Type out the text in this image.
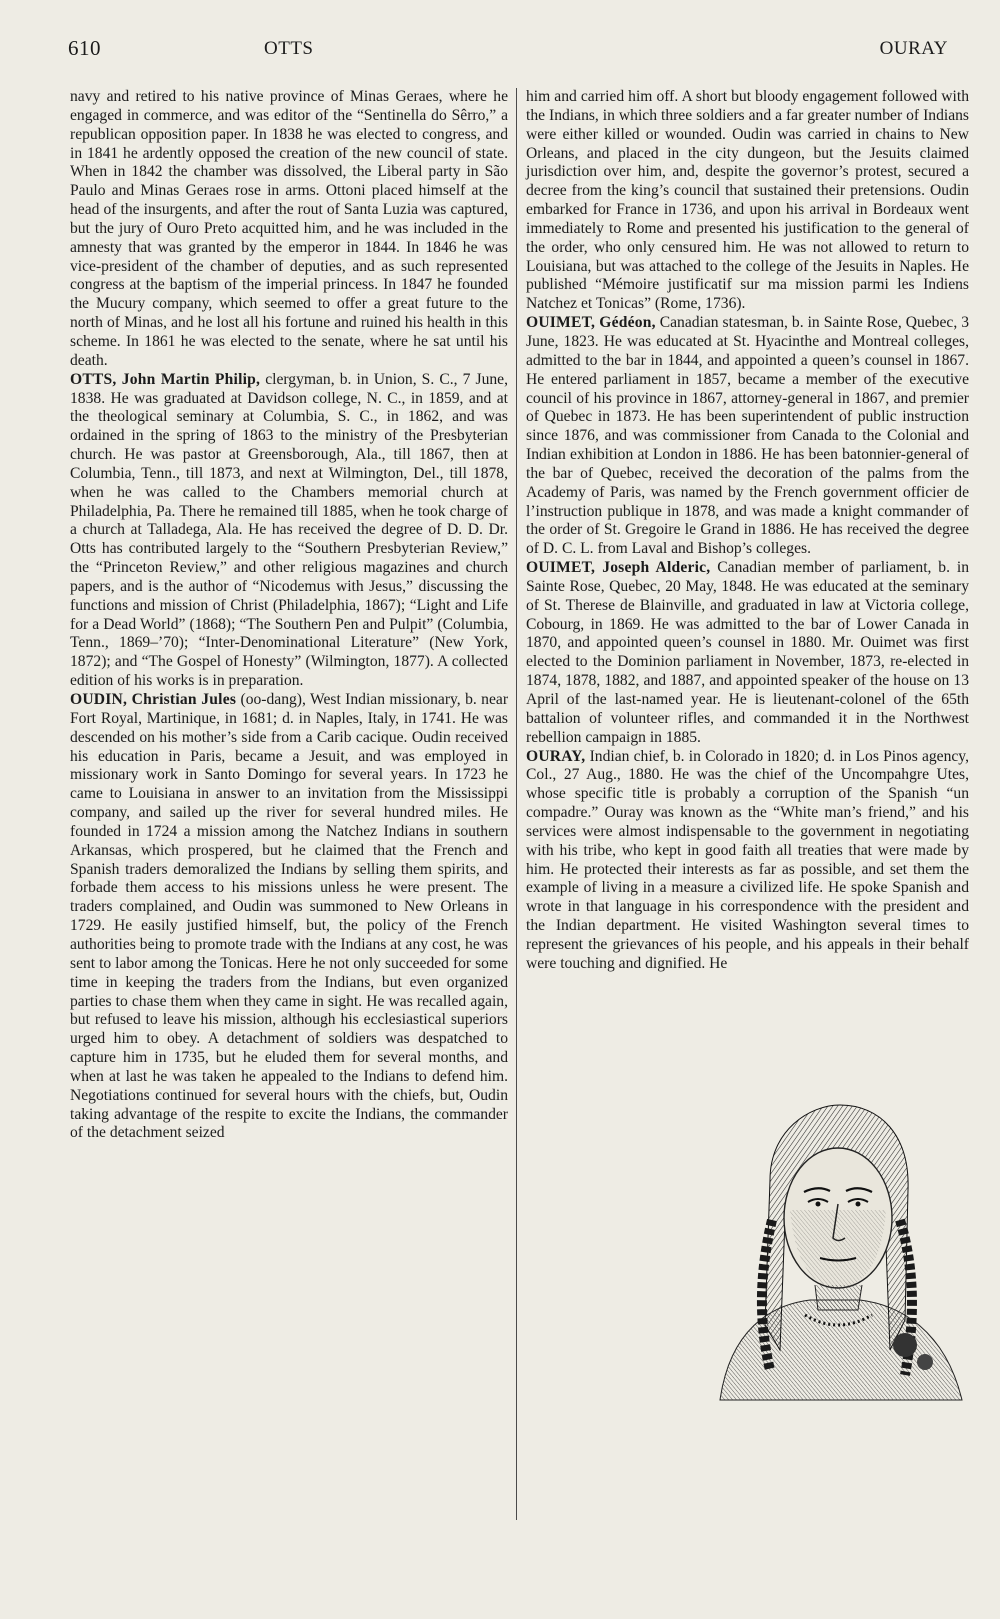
610	OTTS	OURAY

navy and retired to his native province of Minas Geraes, where he engaged in commerce, and was editor of the “Sentinella do Sêrro,” a republican opposition paper. In 1838 he was elected to congress, and in 1841 he ardently opposed the creation of the new council of state. When in 1842 the chamber was dissolved, the Liberal party in São Paulo and Minas Geraes rose in arms. Ottoni placed himself at the head of the insurgents, and after the rout of Santa Luzia was captured, but the jury of Ouro Preto acquitted him, and he was included in the amnesty that was granted by the emperor in 1844. In 1846 he was vice-president of the chamber of deputies, and as such represented congress at the baptism of the imperial princess. In 1847 he founded the Mucury company, which seemed to offer a great future to the north of Minas, and he lost all his fortune and ruined his health in this scheme. In 1861 he was elected to the senate, where he sat until his death.

OTTS, John Martin Philip, clergyman, b. in Union, S. C., 7 June, 1838. He was graduated at Davidson college, N. C., in 1859, and at the theological seminary at Columbia, S. C., in 1862, and was ordained in the spring of 1863 to the ministry of the Presbyterian church. He was pastor at Greensborough, Ala., till 1867, then at Columbia, Tenn., till 1873, and next at Wilmington, Del., till 1878, when he was called to the Chambers memorial church at Philadelphia, Pa. There he remained till 1885, when he took charge of a church at Talladega, Ala. He has received the degree of D. D. Dr. Otts has contributed largely to the “Southern Presbyterian Review,” the “Princeton Review,” and other religious magazines and church papers, and is the author of “Nicodemus with Jesus,” discussing the functions and mission of Christ (Philadelphia, 1867); “Light and Life for a Dead World” (1868); “The Southern Pen and Pulpit” (Columbia, Tenn., 1869–’70); “Inter-Denominational Literature” (New York, 1872); and “The Gospel of Honesty” (Wilmington, 1877). A collected edition of his works is in preparation.

OUDIN, Christian Jules (oo-dang), West Indian missionary, b. near Fort Royal, Martinique, in 1681; d. in Naples, Italy, in 1741. He was descended on his mother’s side from a Carib cacique. Oudin received his education in Paris, became a Jesuit, and was employed in missionary work in Santo Domingo for several years. In 1723 he came to Louisiana in answer to an invitation from the Mississippi company, and sailed up the river for several hundred miles. He founded in 1724 a mission among the Natchez Indians in southern Arkansas, which prospered, but he claimed that the French and Spanish traders demoralized the Indians by selling them spirits, and forbade them access to his missions unless he were present. The traders complained, and Oudin was summoned to New Orleans in 1729. He easily justified himself, but, the policy of the French authorities being to promote trade with the Indians at any cost, he was sent to labor among the Tonicas. Here he not only succeeded for some time in keeping the traders from the Indians, but even organized parties to chase them when they came in sight. He was recalled again, but refused to leave his mission, although his ecclesiastical superiors urged him to obey. A detachment of soldiers was despatched to capture him in 1735, but he eluded them for several months, and when at last he was taken he appealed to the Indians to defend him. Negotiations continued for several hours with the chiefs, but, Oudin taking advantage of the respite to excite the Indians, the commander of the detachment seized

him and carried him off. A short but bloody engagement followed with the Indians, in which three soldiers and a far greater number of Indians were either killed or wounded. Oudin was carried in chains to New Orleans, and placed in the city dungeon, but the Jesuits claimed jurisdiction over him, and, despite the governor’s protest, secured a decree from the king’s council that sustained their pretensions. Oudin embarked for France in 1736, and upon his arrival in Bordeaux went immediately to Rome and presented his justification to the general of the order, who only censured him. He was not allowed to return to Louisiana, but was attached to the college of the Jesuits in Naples. He published “Mémoire justificatif sur ma mission parmi les Indiens Natchez et Tonicas” (Rome, 1736).

OUIMET, Gédéon, Canadian statesman, b. in Sainte Rose, Quebec, 3 June, 1823. He was educated at St. Hyacinthe and Montreal colleges, admitted to the bar in 1844, and appointed a queen’s counsel in 1867. He entered parliament in 1857, became a member of the executive council of his province in 1867, attorney-general in 1867, and premier of Quebec in 1873. He has been superintendent of public instruction since 1876, and was commissioner from Canada to the Colonial and Indian exhibition at London in 1886. He has been batonnier-general of the bar of Quebec, received the decoration of the palms from the Academy of Paris, was named by the French government officier de l’instruction publique in 1878, and was made a knight commander of the order of St. Gregoire le Grand in 1886. He has received the degree of D. C. L. from Laval and Bishop’s colleges.

OUIMET, Joseph Alderic, Canadian member of parliament, b. in Sainte Rose, Quebec, 20 May, 1848. He was educated at the seminary of St. Therese de Blainville, and graduated in law at Victoria college, Cobourg, in 1869. He was admitted to the bar of Lower Canada in 1870, and appointed queen’s counsel in 1880. Mr. Ouimet was first elected to the Dominion parliament in November, 1873, re-elected in 1874, 1878, 1882, and 1887, and appointed speaker of the house on 13 April of the last-named year. He is lieutenant-colonel of the 65th battalion of volunteer rifles, and commanded it in the Northwest rebellion campaign in 1885.

OURAY, Indian chief, b. in Colorado in 1820; d. in Los Pinos agency, Col., 27 Aug., 1880. He was the chief of the Uncompahgre Utes, whose specific title is probably a corruption of the Spanish “un compadre.” Ouray was known as the “White man’s friend,” and his services were almost indispensable to the government in negotiating with his tribe, who kept in good faith all treaties that were made by him. He protected their interests as far as possible, and set them the example of living in a measure a civilized life. He spoke Spanish and wrote in that language in his correspondence with the president and the Indian department. He visited Washington several times to represent the grievances of his people, and his appeals in their behalf were touching and dignified. He
